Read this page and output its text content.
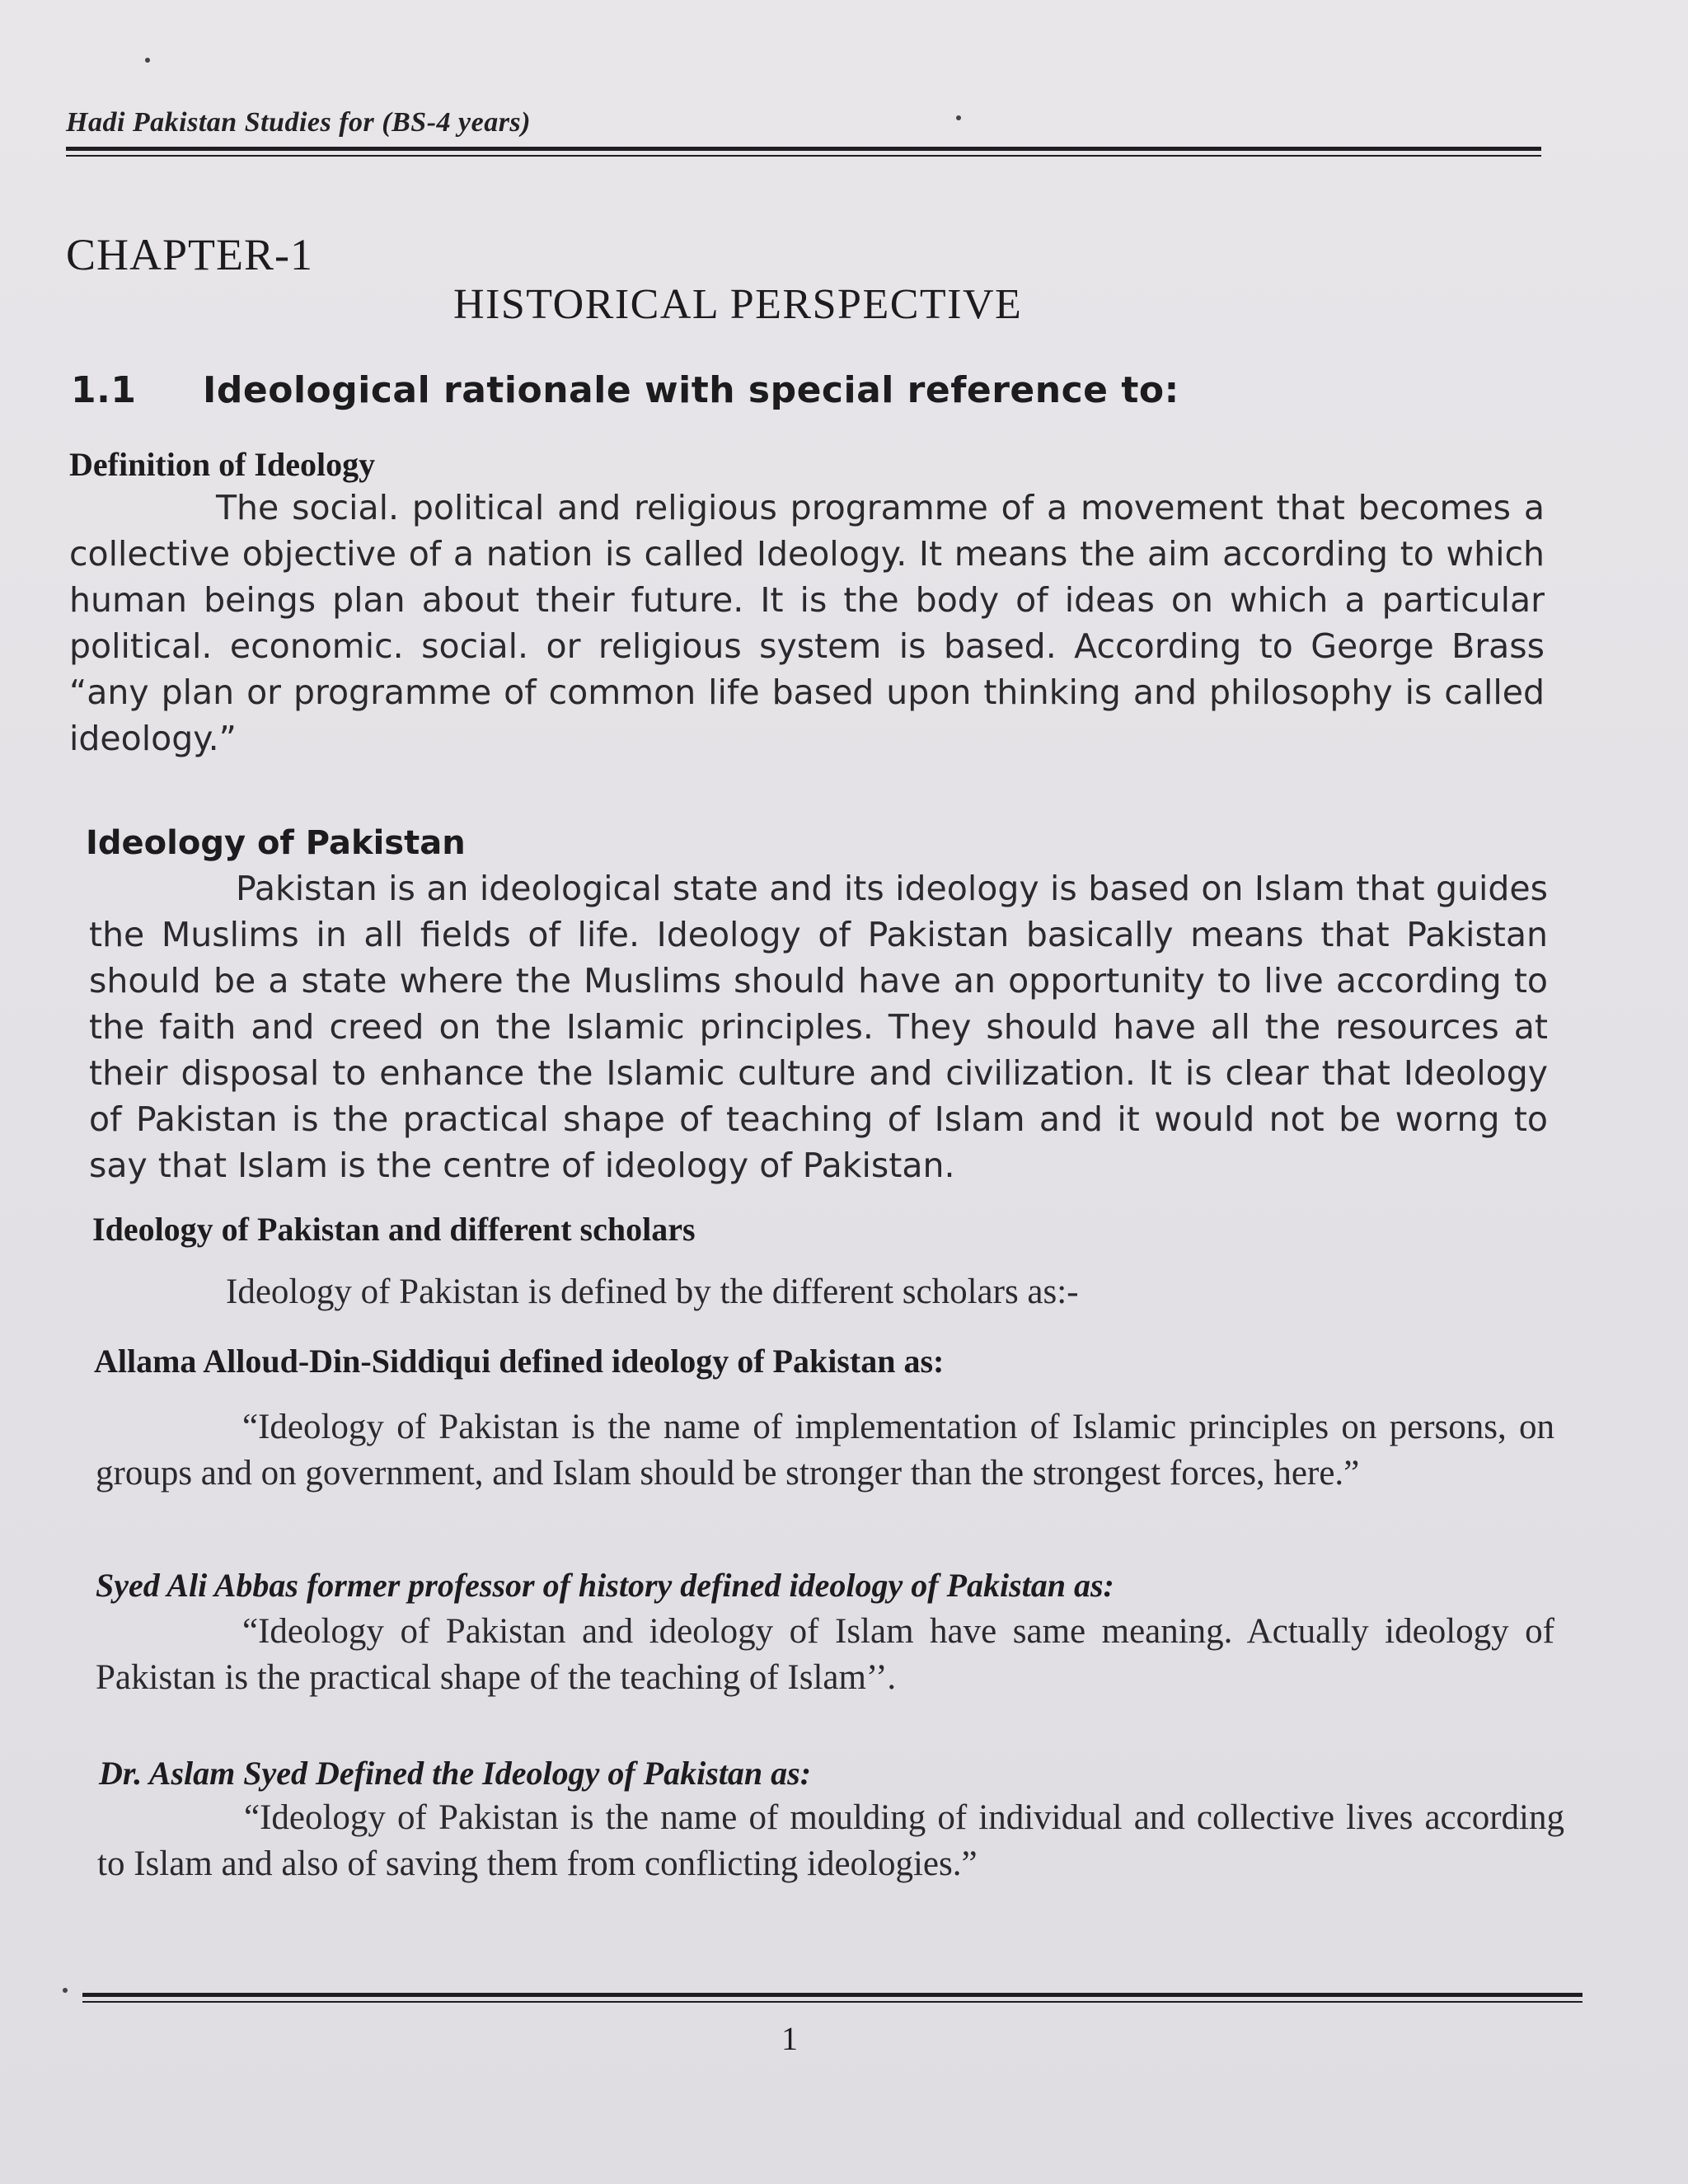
Hadi Pakistan Studies for (BS-4 years)
CHAPTER-1
HISTORICAL PERSPECTIVE
1.1 Ideological rationale with special reference to:
Definition of Ideology
The social. political and religious programme of a movement that becomes a collective objective of a nation is called Ideology. It means the aim according to which human beings plan about their future. It is the body of ideas on which a particular political. economic. social. or religious system is based. According to George Brass “any plan or programme of common life based upon thinking and philosophy is called ideology.”
Ideology of Pakistan
Pakistan is an ideological state and its ideology is based on Islam that guides the Muslims in all fields of life. Ideology of Pakistan basically means that Pakistan should be a state where the Muslims should have an opportunity to live according to the faith and creed on the Islamic principles. They should have all the resources at their disposal to enhance the Islamic culture and civilization. It is clear that Ideology of Pakistan is the practical shape of teaching of Islam and it would not be worng to say that Islam is the centre of ideology of Pakistan.
Ideology of Pakistan and different scholars
Ideology of Pakistan is defined by the different scholars as:-
Allama Alloud-Din-Siddiqui defined ideology of Pakistan as:
“Ideology of Pakistan is the name of implementation of Islamic principles on persons, on groups and on government, and Islam should be stronger than the strongest forces, here.”
Syed Ali Abbas former professor of history defined ideology of Pakistan as:
“Ideology of Pakistan and ideology of Islam have same meaning. Actually ideology of Pakistan is the practical shape of the teaching of Islam’’.
Dr. Aslam Syed Defined the Ideology of Pakistan as:
“Ideology of Pakistan is the name of moulding of individual and collective lives according to Islam and also of saving them from conflicting ideologies.”
1
